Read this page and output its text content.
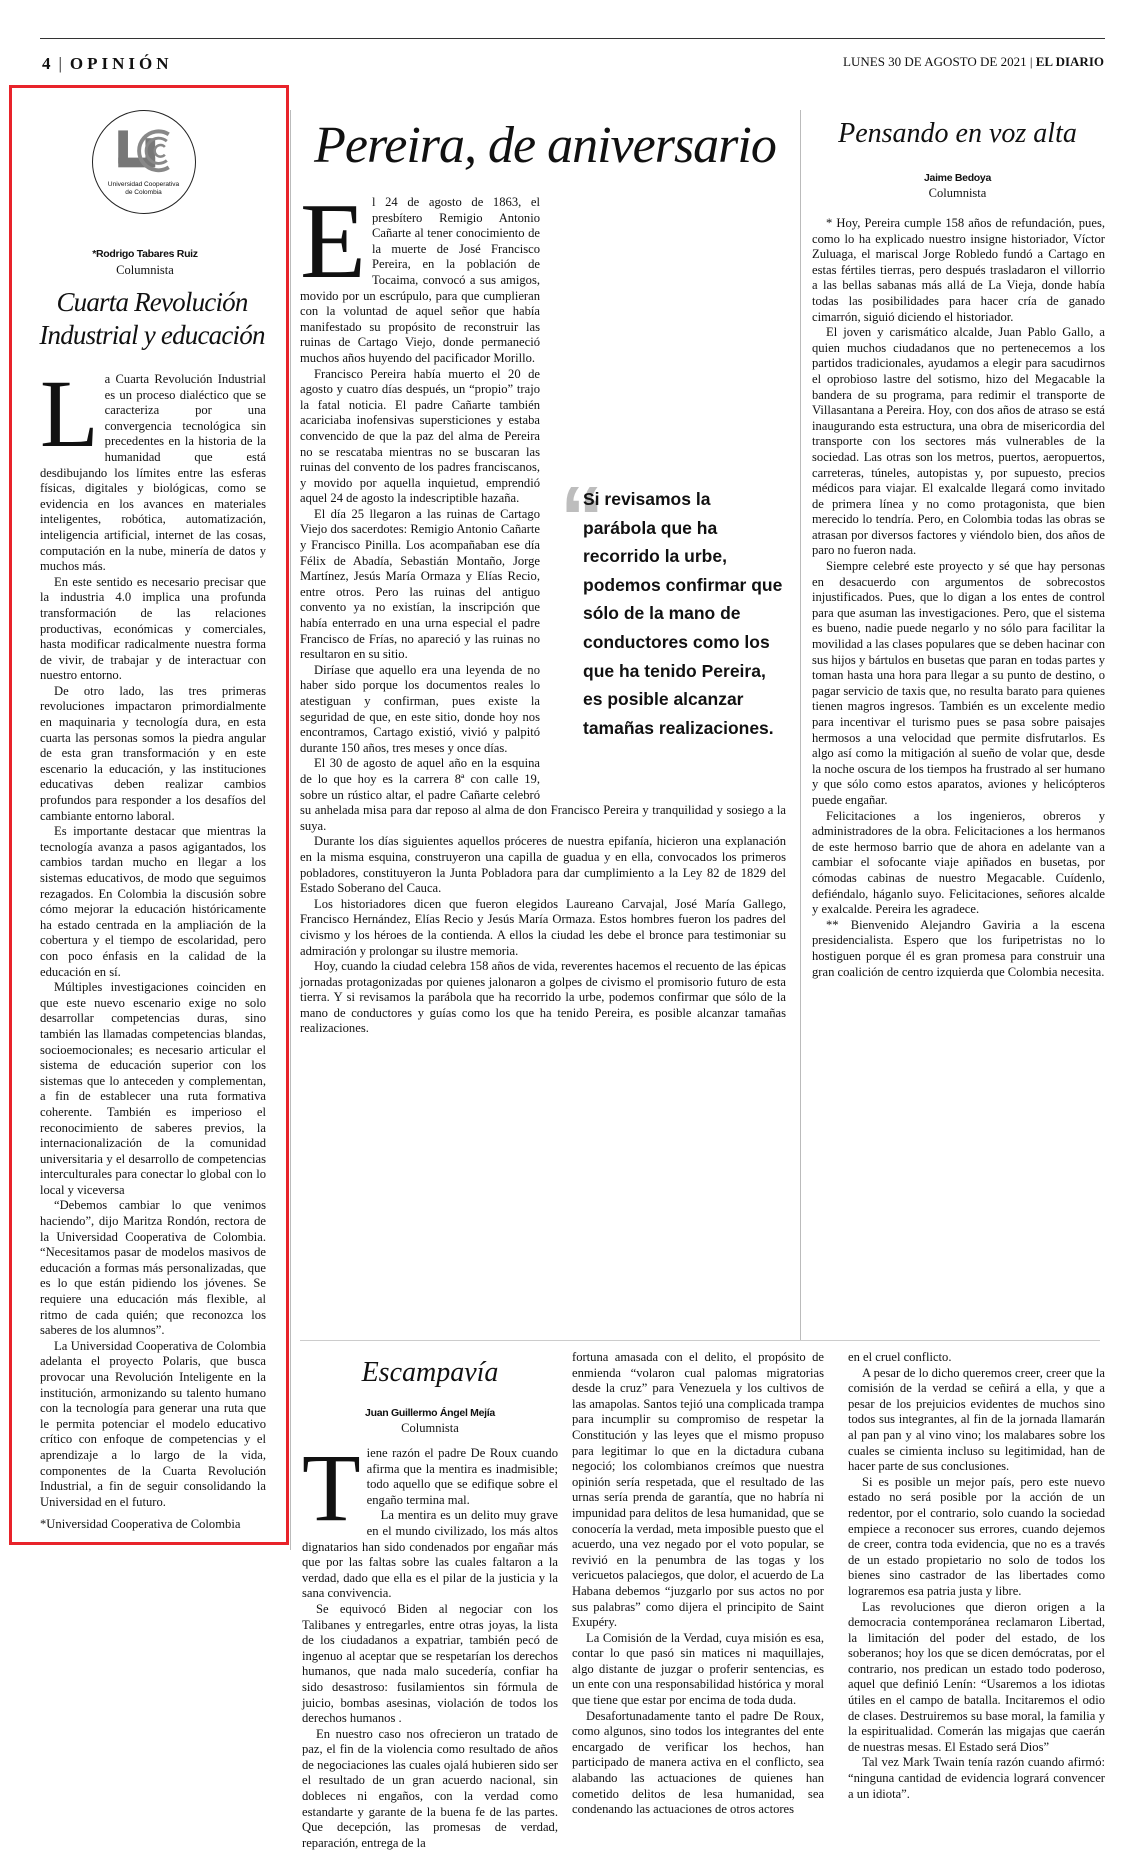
4 | OPINIÓN	LUNES 30 DE AGOSTO DE 2021 | EL DIARIO
Universidad Cooperativa
de Colombia
*Rodrigo Tabares Ruiz
Columnista
Cuarta Revolución Industrial y educación
L a Cuarta Revolución Industrial es un proceso dialéctico que se caracteriza por una convergencia tecnológica sin precedentes en la historia de la humanidad que está desdibujando los límites entre las esferas físicas, digitales y biológicas, como se evidencia en los avances en materiales inteligentes, robótica, automatización, inteligencia artificial, internet de las cosas, computación en la nube, minería de datos y muchos más.

En este sentido es necesario precisar que la industria 4.0 implica una profunda transformación de las relaciones productivas, económicas y comerciales, hasta modificar radicalmente nuestra forma de vivir, de trabajar y de interactuar con nuestro entorno.

De otro lado, las tres primeras revoluciones impactaron primordialmente en maquinaria y tecnología dura, en esta cuarta las personas somos la piedra angular de esta gran transformación y en este escenario la educación, y las instituciones educativas deben realizar cambios profundos para responder a los desafíos del cambiante entorno laboral.

Es importante destacar que mientras la tecnología avanza a pasos agigantados, los cambios tardan mucho en llegar a los sistemas educativos, de modo que seguimos rezagados. En Colombia la discusión sobre cómo mejorar la educación históricamente ha estado centrada en la ampliación de la cobertura y el tiempo de escolaridad, pero con poco énfasis en la calidad de la educación en sí.

Múltiples investigaciones coinciden en que este nuevo escenario exige no solo desarrollar competencias duras, sino también las llamadas competencias blandas, socioemocionales; es necesario articular el sistema de educación superior con los sistemas que lo anteceden y complementan, a fin de establecer una ruta formativa coherente. También es imperioso el reconocimiento de saberes previos, la internacionalización de la comunidad universitaria y el desarrollo de competencias interculturales para conectar lo global con lo local y viceversa

“Debemos cambiar lo que venimos haciendo”, dijo Maritza Rondón, rectora de la Universidad Cooperativa de Colombia. “Necesitamos pasar de modelos masivos de educación a formas más personalizadas, que es lo que están pidiendo los jóvenes. Se requiere una educación más flexible, al ritmo de cada quién; que reconozca los saberes de los alumnos”.

La Universidad Cooperativa de Colombia adelanta el proyecto Polaris, que busca provocar una Revolución Inteligente en la institución, armonizando su talento humano con la tecnología para generar una ruta que le permita potenciar el modelo educativo crítico con enfoque de competencias y el aprendizaje a lo largo de la vida, componentes de la Cuarta Revolución Industrial, a fin de seguir consolidando la Universidad en el futuro.

*Universidad Cooperativa de Colombia
Pereira, de aniversario
E l 24 de agosto de 1863, el presbítero Remigio Antonio Cañarte al tener conocimiento de la muerte de José Francisco Pereira, en la población de Tocaima, convocó a sus amigos, movido por un escrúpulo, para que cumplieran con la voluntad de aquel señor que había manifestado su propósito de reconstruir las ruinas de Cartago Viejo, donde permaneció muchos años huyendo del pacificador Morillo.

Francisco Pereira había muerto el 20 de agosto y cuatro días después, un “propio” trajo la fatal noticia. El padre Cañarte también acariciaba inofensivas supersticiones y estaba convencido de que la paz del alma de Pereira no se rescataba mientras no se buscaran las ruinas del convento de los padres franciscanos, y movido por aquella inquietud, emprendió aquel 24 de agosto la indescriptible hazaña.

El día 25 llegaron a las ruinas de Cartago Viejo dos sacerdotes: Remigio Antonio Cañarte y Francisco Pinilla. Los acompañaban ese día Félix de Abadía, Sebastián Montaño, Jorge Martínez, Jesús María Ormaza y Elías Recio, entre otros. Pero las ruinas del antiguo convento ya no existían, la inscripción que había enterrado en una urna especial el padre Francisco de Frías, no apareció y las ruinas no resultaron en su sitio.

Diríase que aquello era una leyenda de no haber sido porque los documentos reales lo atestiguan y confirman, pues existe la seguridad de que, en este sitio, donde hoy nos encontramos, Cartago existió, vivió y palpitó durante 150 años, tres meses y once días.

El 30 de agosto de aquel año en la esquina de lo que hoy es la carrera 8ª con calle 19, sobre un rústico altar, el padre Cañarte celebró su anhelada misa para dar reposo al alma de don Francisco Pereira y tranquilidad y sosiego a la suya.

Durante los días siguientes aquellos próceres de nuestra epifanía, hicieron una explanación en la misma esquina, construyeron una capilla de guadua y en ella, convocados los primeros pobladores, constituyeron la Junta Pobladora para dar cumplimiento a la Ley 82 de 1829 del Estado Soberano del Cauca.

Los historiadores dicen que fueron elegidos Laureano Carvajal, José María Gallego, Francisco Hernández, Elías Recio y Jesús María Ormaza. Estos hombres fueron los padres del civismo y los héroes de la contienda. A ellos la ciudad les debe el bronce para testimoniar su admiración y prolongar su ilustre memoria.

Hoy, cuando la ciudad celebra 158 años de vida, reverentes hacemos el recuento de las épicas jornadas protagonizadas por quienes jalonaron a golpes de civismo el promisorio futuro de esta tierra. Y si revisamos la parábola que ha recorrido la urbe, podemos confirmar que sólo de la mano de conductores y guías como los que ha tenido Pereira, es posible alcanzar tamañas realizaciones.

“
Si revisamos la parábola que ha recorrido la urbe, podemos confirmar que sólo de la mano de conductores como los que ha tenido Pereira, es posible alcanzar tamañas realizaciones.
Pensando en voz alta
Jaime Bedoya
Columnista

* Hoy, Pereira cumple 158 años de refundación, pues, como lo ha explicado nuestro insigne historiador, Víctor Zuluaga, el mariscal Jorge Robledo fundó a Cartago en estas fértiles tierras, pero después trasladaron el villorrio a las bellas sabanas más allá de La Vieja, donde había todas las posibilidades para hacer cría de ganado cimarrón, siguió diciendo el historiador.

El joven y carismático alcalde, Juan Pablo Gallo, a quien muchos ciudadanos que no pertenecemos a los partidos tradicionales, ayudamos a elegir para sacudirnos el oprobioso lastre del sotismo, hizo del Megacable la bandera de su programa, para redimir el transporte de Villasantana a Pereira. Hoy, con dos años de atraso se está inaugurando esta estructura, una obra de misericordia del transporte con los sectores más vulnerables de la sociedad. Las otras son los metros, puertos, aeropuertos, carreteras, túneles, autopistas y, por supuesto, precios médicos para viajar. El exalcalde llegará como invitado de primera línea y no como protagonista, que bien merecido lo tendría. Pero, en Colombia todas las obras se atrasan por diversos factores y viéndolo bien, dos años de paro no fueron nada.

Siempre celebré este proyecto y sé que hay personas en desacuerdo con argumentos de sobrecostos injustificados. Pues, que lo digan a los entes de control para que asuman las investigaciones. Pero, que el sistema es bueno, nadie puede negarlo y no sólo para facilitar la movilidad a las clases populares que se deben hacinar con sus hijos y bártulos en busetas que paran en todas partes y toman hasta una hora para llegar a su punto de destino, o pagar servicio de taxis que, no resulta barato para quienes tienen magros ingresos. También es un excelente medio para incentivar el turismo pues se pasa sobre paisajes hermosos a una velocidad que permite disfrutarlos. Es algo así como la mitigación al sueño de volar que, desde la noche oscura de los tiempos ha frustrado al ser humano y que sólo como estos aparatos, aviones y helicópteros puede engañar.

Felicitaciones a los ingenieros, obreros y administradores de la obra. Felicitaciones a los hermanos de este hermoso barrio que de ahora en adelante van a cambiar el sofocante viaje apiñados en busetas, por cómodas cabinas de nuestro Megacable. Cuídenlo, defiéndalo, háganlo suyo. Felicitaciones, señores alcalde y exalcalde. Pereira les agradece.

** Bienvenido Alejandro Gaviria a la escena presidencialista. Espero que los furipetristas no lo hostiguen porque él es gran promesa para construir una gran coalición de centro izquierda que Colombia necesita.

Escampavía
Juan Guillermo Ángel Mejía
Columnista
T iene razón el padre De Roux cuando afirma que la mentira es inadmisible; todo aquello que se edifique sobre el engaño termina mal.

La mentira es un delito muy grave en el mundo civilizado, los más altos dignatarios han sido condenados por engañar más que por las faltas sobre las cuales faltaron a la verdad, dado que ella es el pilar de la justicia y la sana convivencia.

Se equivocó Biden al negociar con los Talibanes y entregarles, entre otras joyas, la lista de los ciudadanos a expatriar, también pecó de ingenuo al aceptar que se respetarían los derechos humanos, que nada malo sucedería, confiar ha sido desastroso: fusilamientos sin fórmula de juicio, bombas asesinas, violación de todos los derechos humanos .

En nuestro caso nos ofrecieron un tratado de paz, el fin de la violencia como resultado de años de negociaciones las cuales ojalá hubieren sido ser el resultado de un gran acuerdo nacional, sin dobleces ni engaños, con la verdad como estandarte y garante de la buena fe de las partes. Que decepción, las promesas de verdad, reparación, entrega de la

fortuna amasada con el delito, el propósito de enmienda “volaron cual palomas migratorias desde la cruz” para Venezuela y los cultivos de las amapolas. Santos tejió una complicada trampa para incumplir su compromiso de respetar la Constitución y las leyes que el mismo propuso para legitimar lo que en la dictadura cubana negoció; los colombianos creímos que nuestra opinión sería respetada, que el resultado de las urnas sería prenda de garantía, que no habría ni impunidad para delitos de lesa humanidad, que se conocería la verdad, meta imposible puesto que el acuerdo, una vez negado por el voto popular, se revivió en la penumbra de las togas y los vericuetos palaciegos, que dolor, el acuerdo de La Habana debemos “juzgarlo por sus actos no por sus palabras” como dijera el principito de Saint Exupéry.

La Comisión de la Verdad, cuya misión es esa, contar lo que pasó sin matices ni maquillajes, algo distante de juzgar o proferir sentencias, es un ente con una responsabilidad histórica y moral que tiene que estar por encima de toda duda.

Desafortunadamente tanto el padre De Roux, como algunos, sino todos los integrantes del ente encargado de verificar los hechos, han participado de manera activa en el conflicto, sea alabando las actuaciones de quienes han cometido delitos de lesa humanidad, sea condenando las actuaciones de otros actores

en el cruel conflicto.

A pesar de lo dicho queremos creer, creer que la comisión de la verdad se ceñirá a ella, y que a pesar de los prejuicios evidentes de muchos sino todos sus integrantes, al fin de la jornada llamarán al pan pan y al vino vino; los malabares sobre los cuales se cimienta incluso su legitimidad, han de hacer parte de sus conclusiones.

Si es posible un mejor país, pero este nuevo estado no será posible por la acción de un redentor, por el contrario, solo cuando la sociedad empiece a reconocer sus errores, cuando dejemos de creer, contra toda evidencia, que no es a través de un estado propietario no solo de todos los bienes sino castrador de las libertades como lograremos esa patria justa y libre.

Las revoluciones que dieron origen a la democracia contemporánea reclamaron Libertad, la limitación del poder del estado, de los soberanos; hoy los que se dicen demócratas, por el contrario, nos predican un estado todo poderoso, aquel que definió Lenín: “Usaremos a los idiotas útiles en el campo de batalla. Incitaremos el odio de clases. Destruiremos su base moral, la familia y la espiritualidad. Comerán las migajas que caerán de nuestras mesas. El Estado será Dios”

Tal vez Mark Twain tenía razón cuando afirmó: “ninguna cantidad de evidencia logrará convencer a un idiota”.
